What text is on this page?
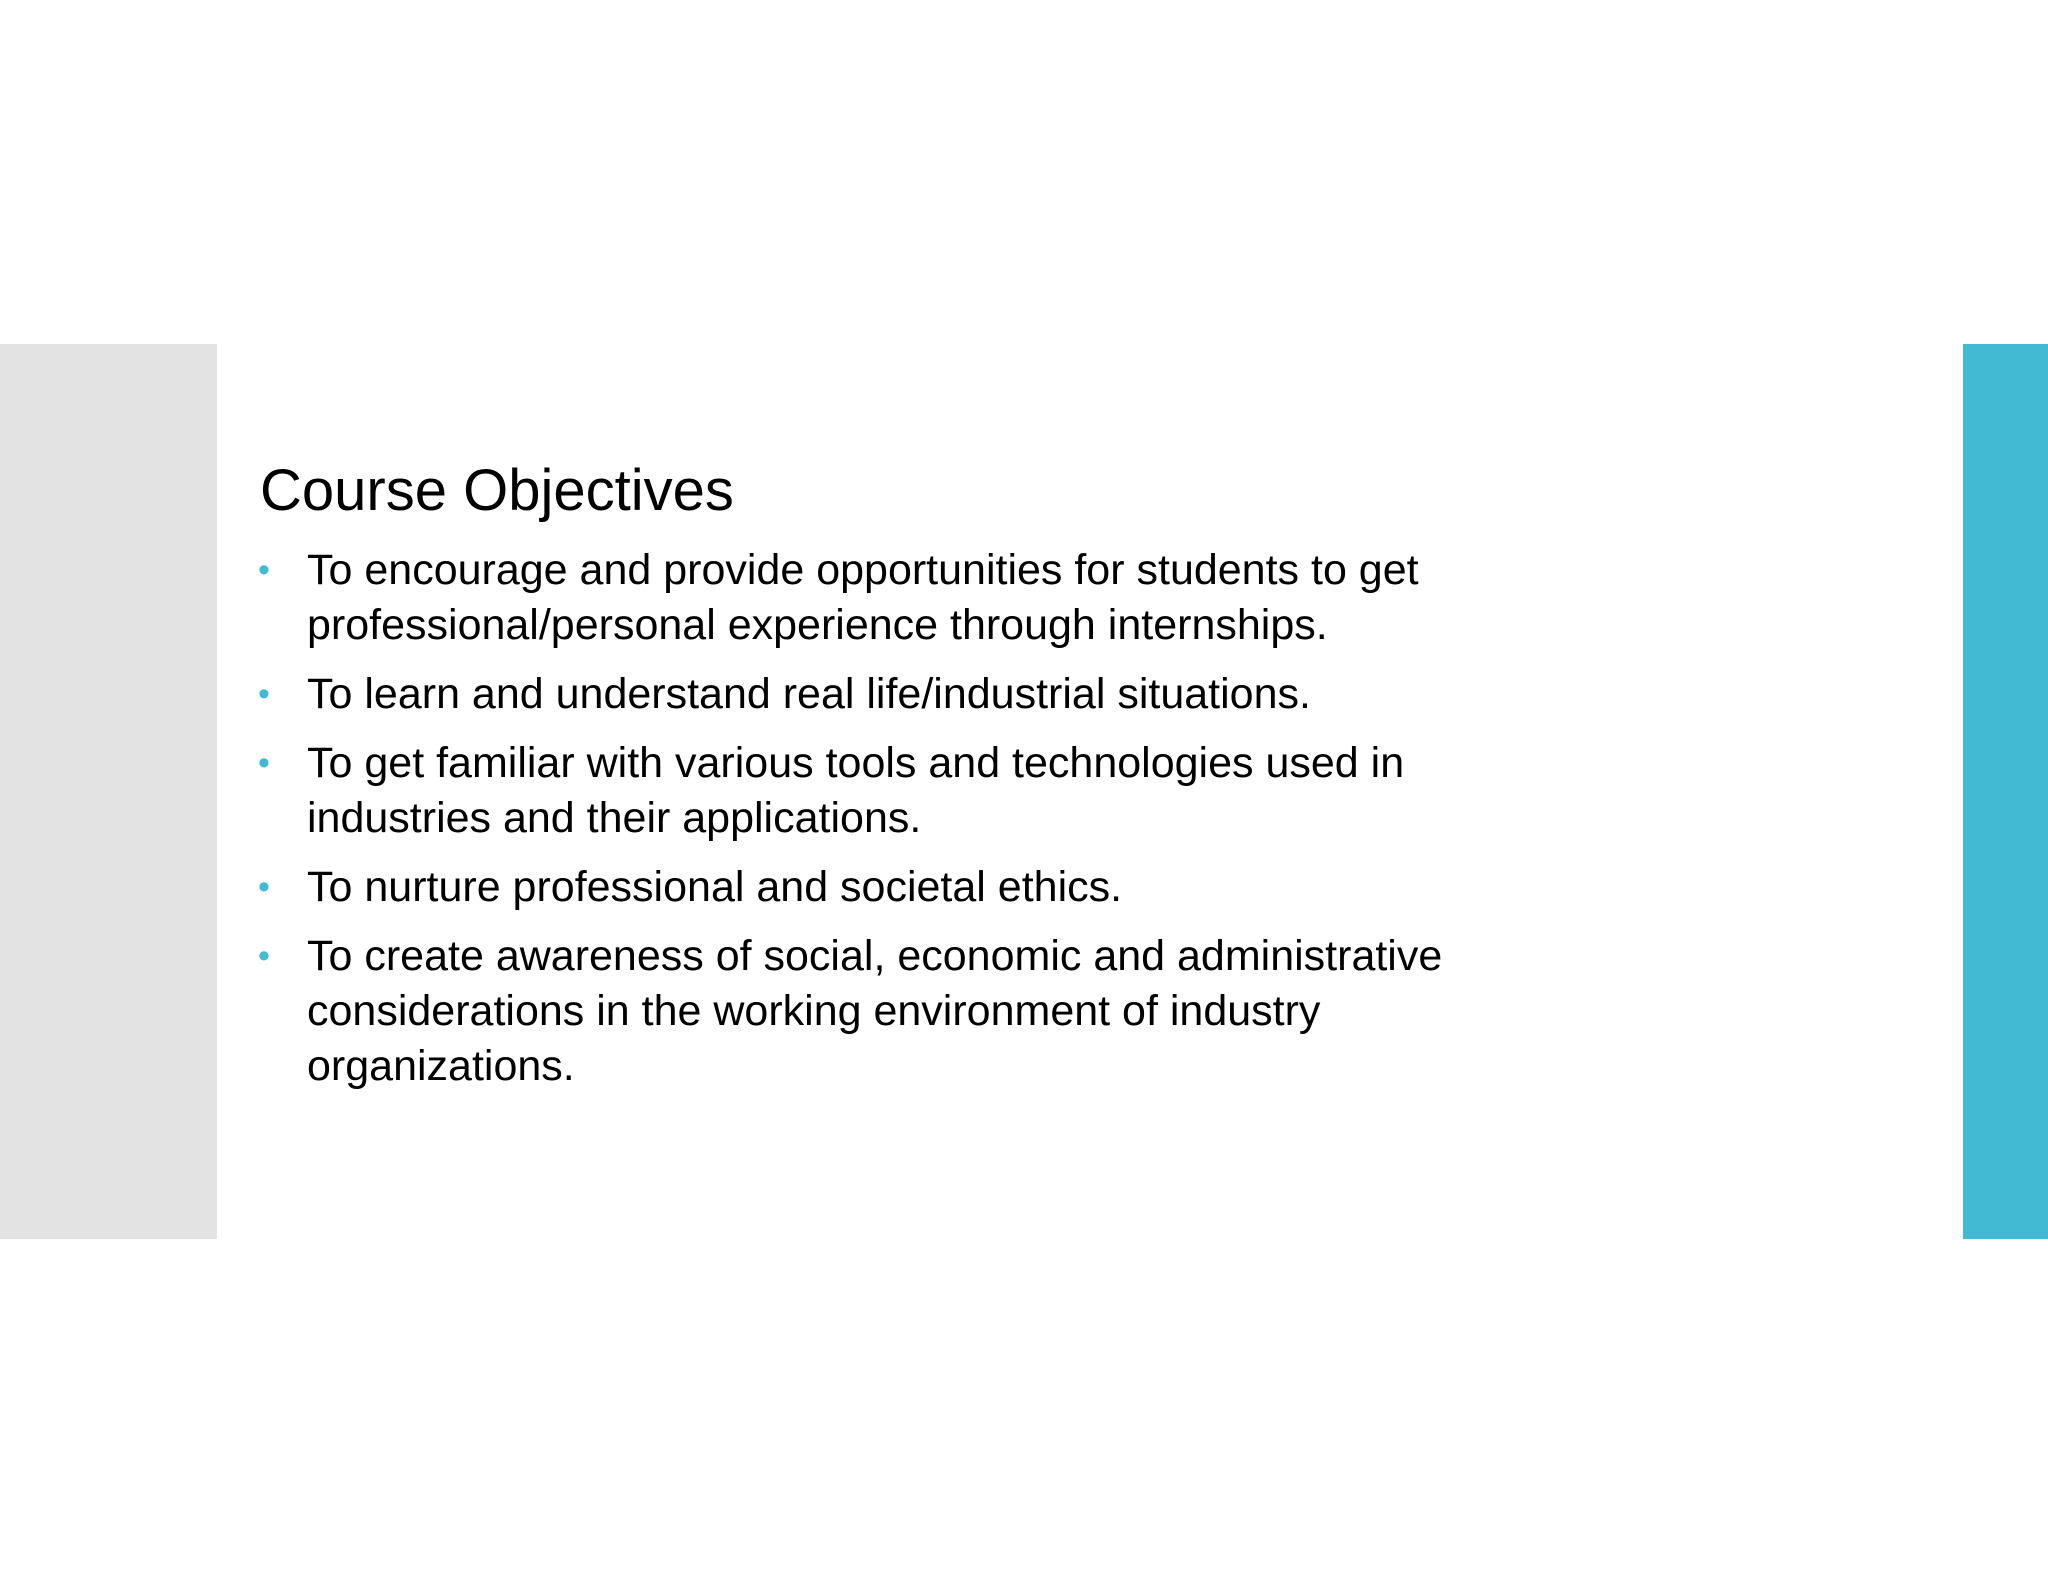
Course Objectives
• To encourage and provide opportunities for students to get professional/personal experience through internships.
• To learn and understand real life/industrial situations.
• To get familiar with various tools and technologies used in industries and their applications.
• To nurture professional and societal ethics.
• To create awareness of social, economic and administrative considerations in the working environment of industry organizations.
